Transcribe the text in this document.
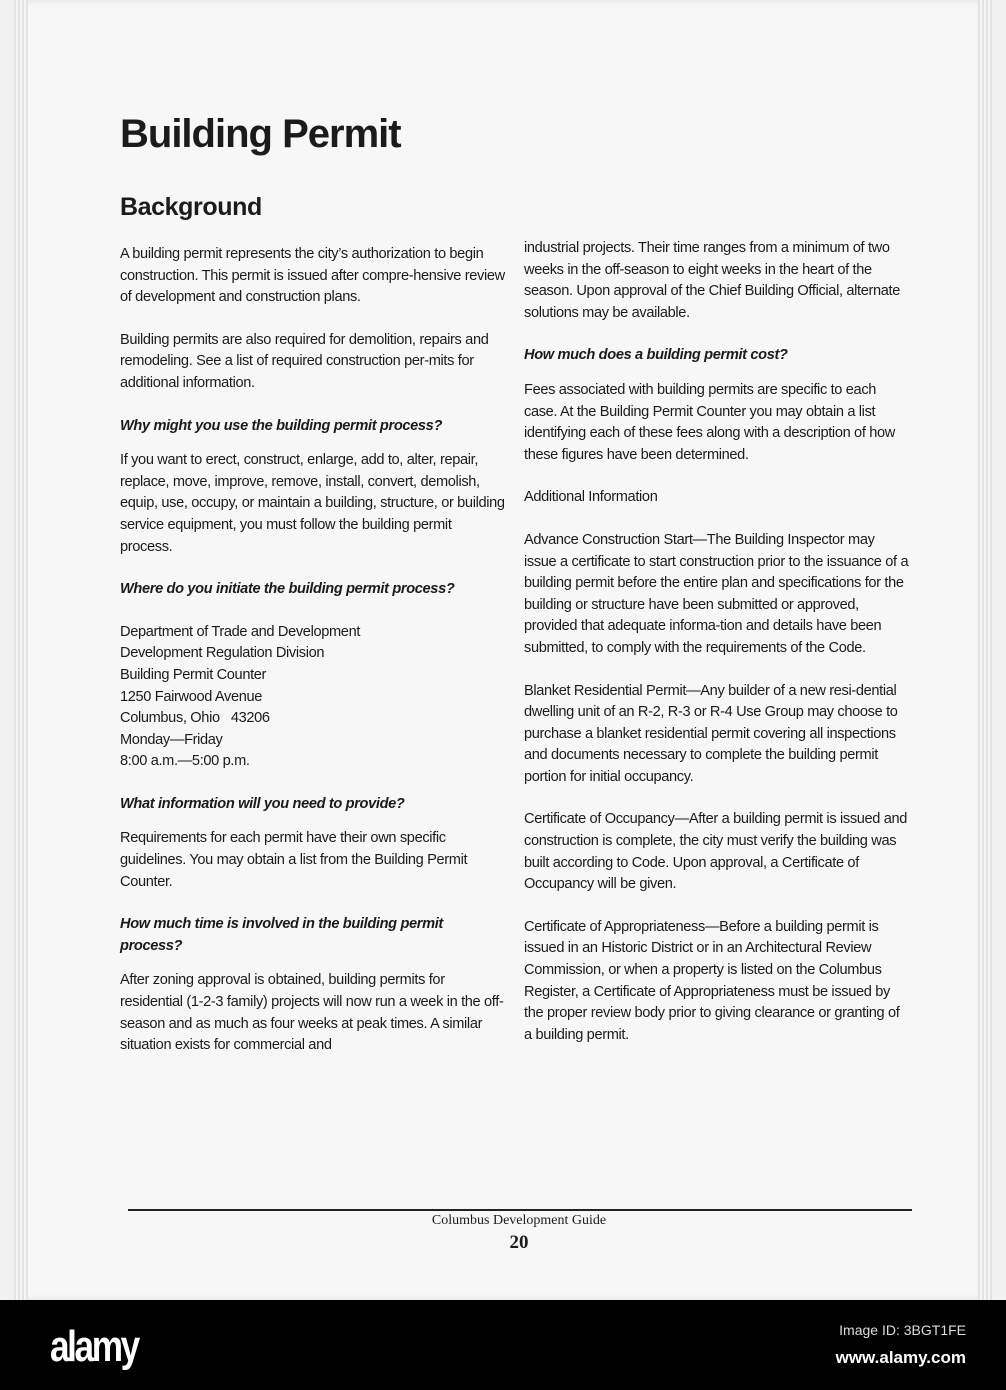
Building Permit
Background

A building permit represents the city’s authorization to begin construction. This permit is issued after compre-hensive review of development and construction plans.

Building permits are also required for demolition, repairs and remodeling. See a list of required construction per-mits for additional information.

Why might you use the building permit process?

If you want to erect, construct, enlarge, add to, alter, repair, replace, move, improve, remove, install, convert, demolish, equip, use, occupy, or maintain a building, structure, or building service equipment, you must follow the building permit process.

Where do you initiate the building permit process?

Department of Trade and Development
Development Regulation Division
Building Permit Counter
1250 Fairwood Avenue
Columbus, Ohio   43206
Monday—Friday
8:00 a.m.—5:00 p.m.

What information will you need to provide?

Requirements for each permit have their own specific guidelines. You may obtain a list from the Building Permit Counter.

How much time is involved in the building permit process?

After zoning approval is obtained, building permits for residential (1-2-3 family) projects will now run a week in the off-season and as much as four weeks at peak times. A similar situation exists for commercial and

industrial projects. Their time ranges from a minimum of two weeks in the off-season to eight weeks in the heart of the season. Upon approval of the Chief Building Official, alternate solutions may be available.

How much does a building permit cost?

Fees associated with building permits are specific to each case. At the Building Permit Counter you may obtain a list identifying each of these fees along with a description of how these figures have been determined.

Additional Information

Advance Construction Start—The Building Inspector may issue a certificate to start construction prior to the issuance of a building permit before the entire plan and specifications for the building or structure have been submitted or approved, provided that adequate informa-tion and details have been submitted, to comply with the requirements of the Code.

Blanket Residential Permit—Any builder of a new resi-dential dwelling unit of an R-2, R-3 or R-4 Use Group may choose to purchase a blanket residential permit covering all inspections and documents necessary to complete the building permit portion for initial occupancy.

Certificate of Occupancy—After a building permit is issued and construction is complete, the city must verify the building was built according to Code. Upon approval, a Certificate of Occupancy will be given.

Certificate of Appropriateness—Before a building permit is issued in an Historic District or in an Architectural Review Commission, or when a property is listed on the Columbus Register, a Certificate of Appropriateness must be issued by the proper review body prior to giving clearance or granting of a building permit.

Columbus Development Guide
20
alamy	Image ID: 3BGT1FE
www.alamy.com
